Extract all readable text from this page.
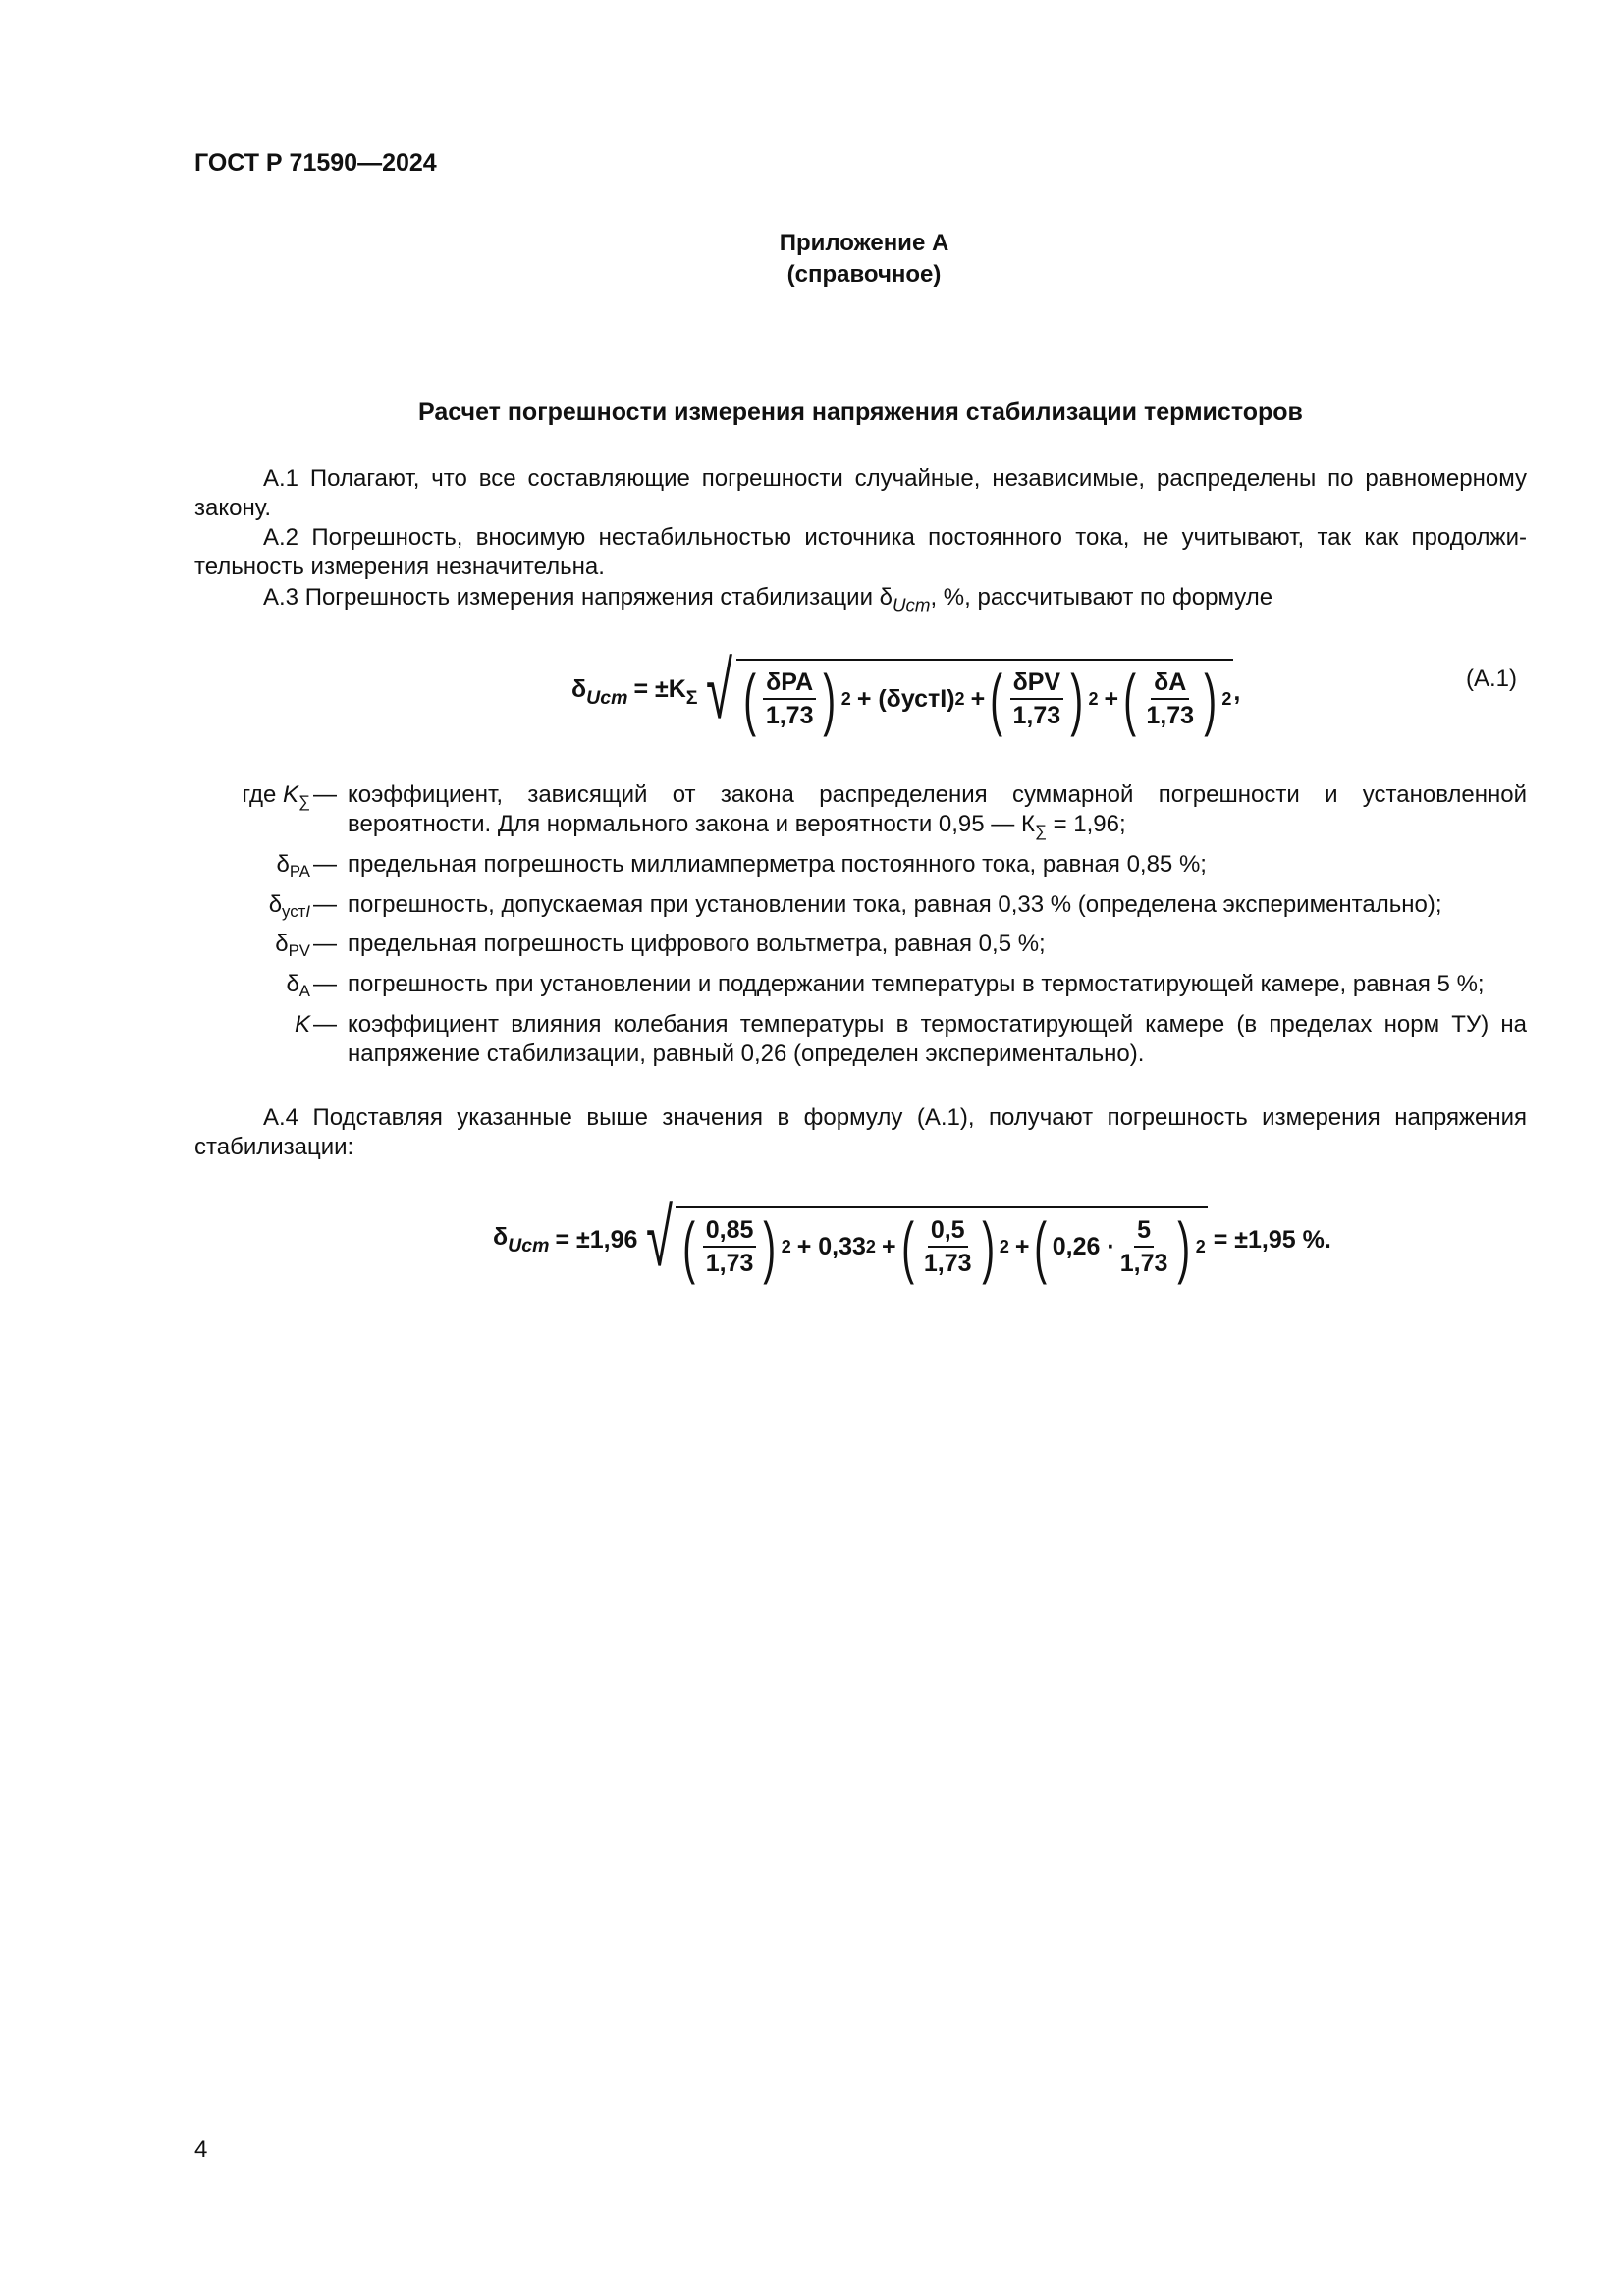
ГОСТ Р 71590—2024
Приложение А
(справочное)
Расчет погрешности измерения напряжения стабилизации термисторов
А.1 Полагают, что все составляющие погрешности случайные, независимые, распределены по равномерному закону.
А.2 Погрешность, вносимую нестабильностью источника постоянного тока, не учитывают, так как продолжительность измерения незначительна.
А.3 Погрешность измерения напряжения стабилизации $\delta_{Uст}$, %, рассчитывают по формуле
$\delta_{Uст} = \pm K_\Sigma$ √ ( $\frac{\text{δPA}}{1,73}$ ) 2 + (δустI) 2 + ( $\frac{\text{δPV}}{1,73}$ ) 2 + ( $\frac{\delta A}{1,73}$ ) 2 ,	(А.1)
где $K_\sum$ — коэффициент, зависящий от закона распределения суммарной погрешности и установленной вероятности. Для нормального закона и вероятности 0,95 — $К_\sum = 1,96$;
$\delta_{PA}$ — предельная погрешность миллиамперметра постоянного тока, равная 0,85 %;
$\delta_{устI}$ — погрешность, допускаемая при установлении тока, равная 0,33 % (определена экспериментально);
$\delta_{PV}$ — предельная погрешность цифрового вольтметра, равная 0,5 %;
$\delta_A$ — погрешность при установлении и поддержании температуры в термостатирующей камере, равная 5 %;
K — коэффициент влияния колебания температуры в термостатирующей камере (в пределах норм ТУ) на напряжение стабилизации, равный 0,26 (определен экспериментально).
А.4 Подставляя указанные выше значения в формулу (А.1), получают погрешность измерения напряжения стабилизации:
$\delta_{Uст} = \pm 1,96$ √ ( $\frac{0,85}{1,73}$ ) 2 + 0,33 2 + ( $\frac{0,5}{1,73}$ ) 2 + ( $0,26 \cdot \frac{5}{1,73}$ ) 2 = ±1,95 %.
4
